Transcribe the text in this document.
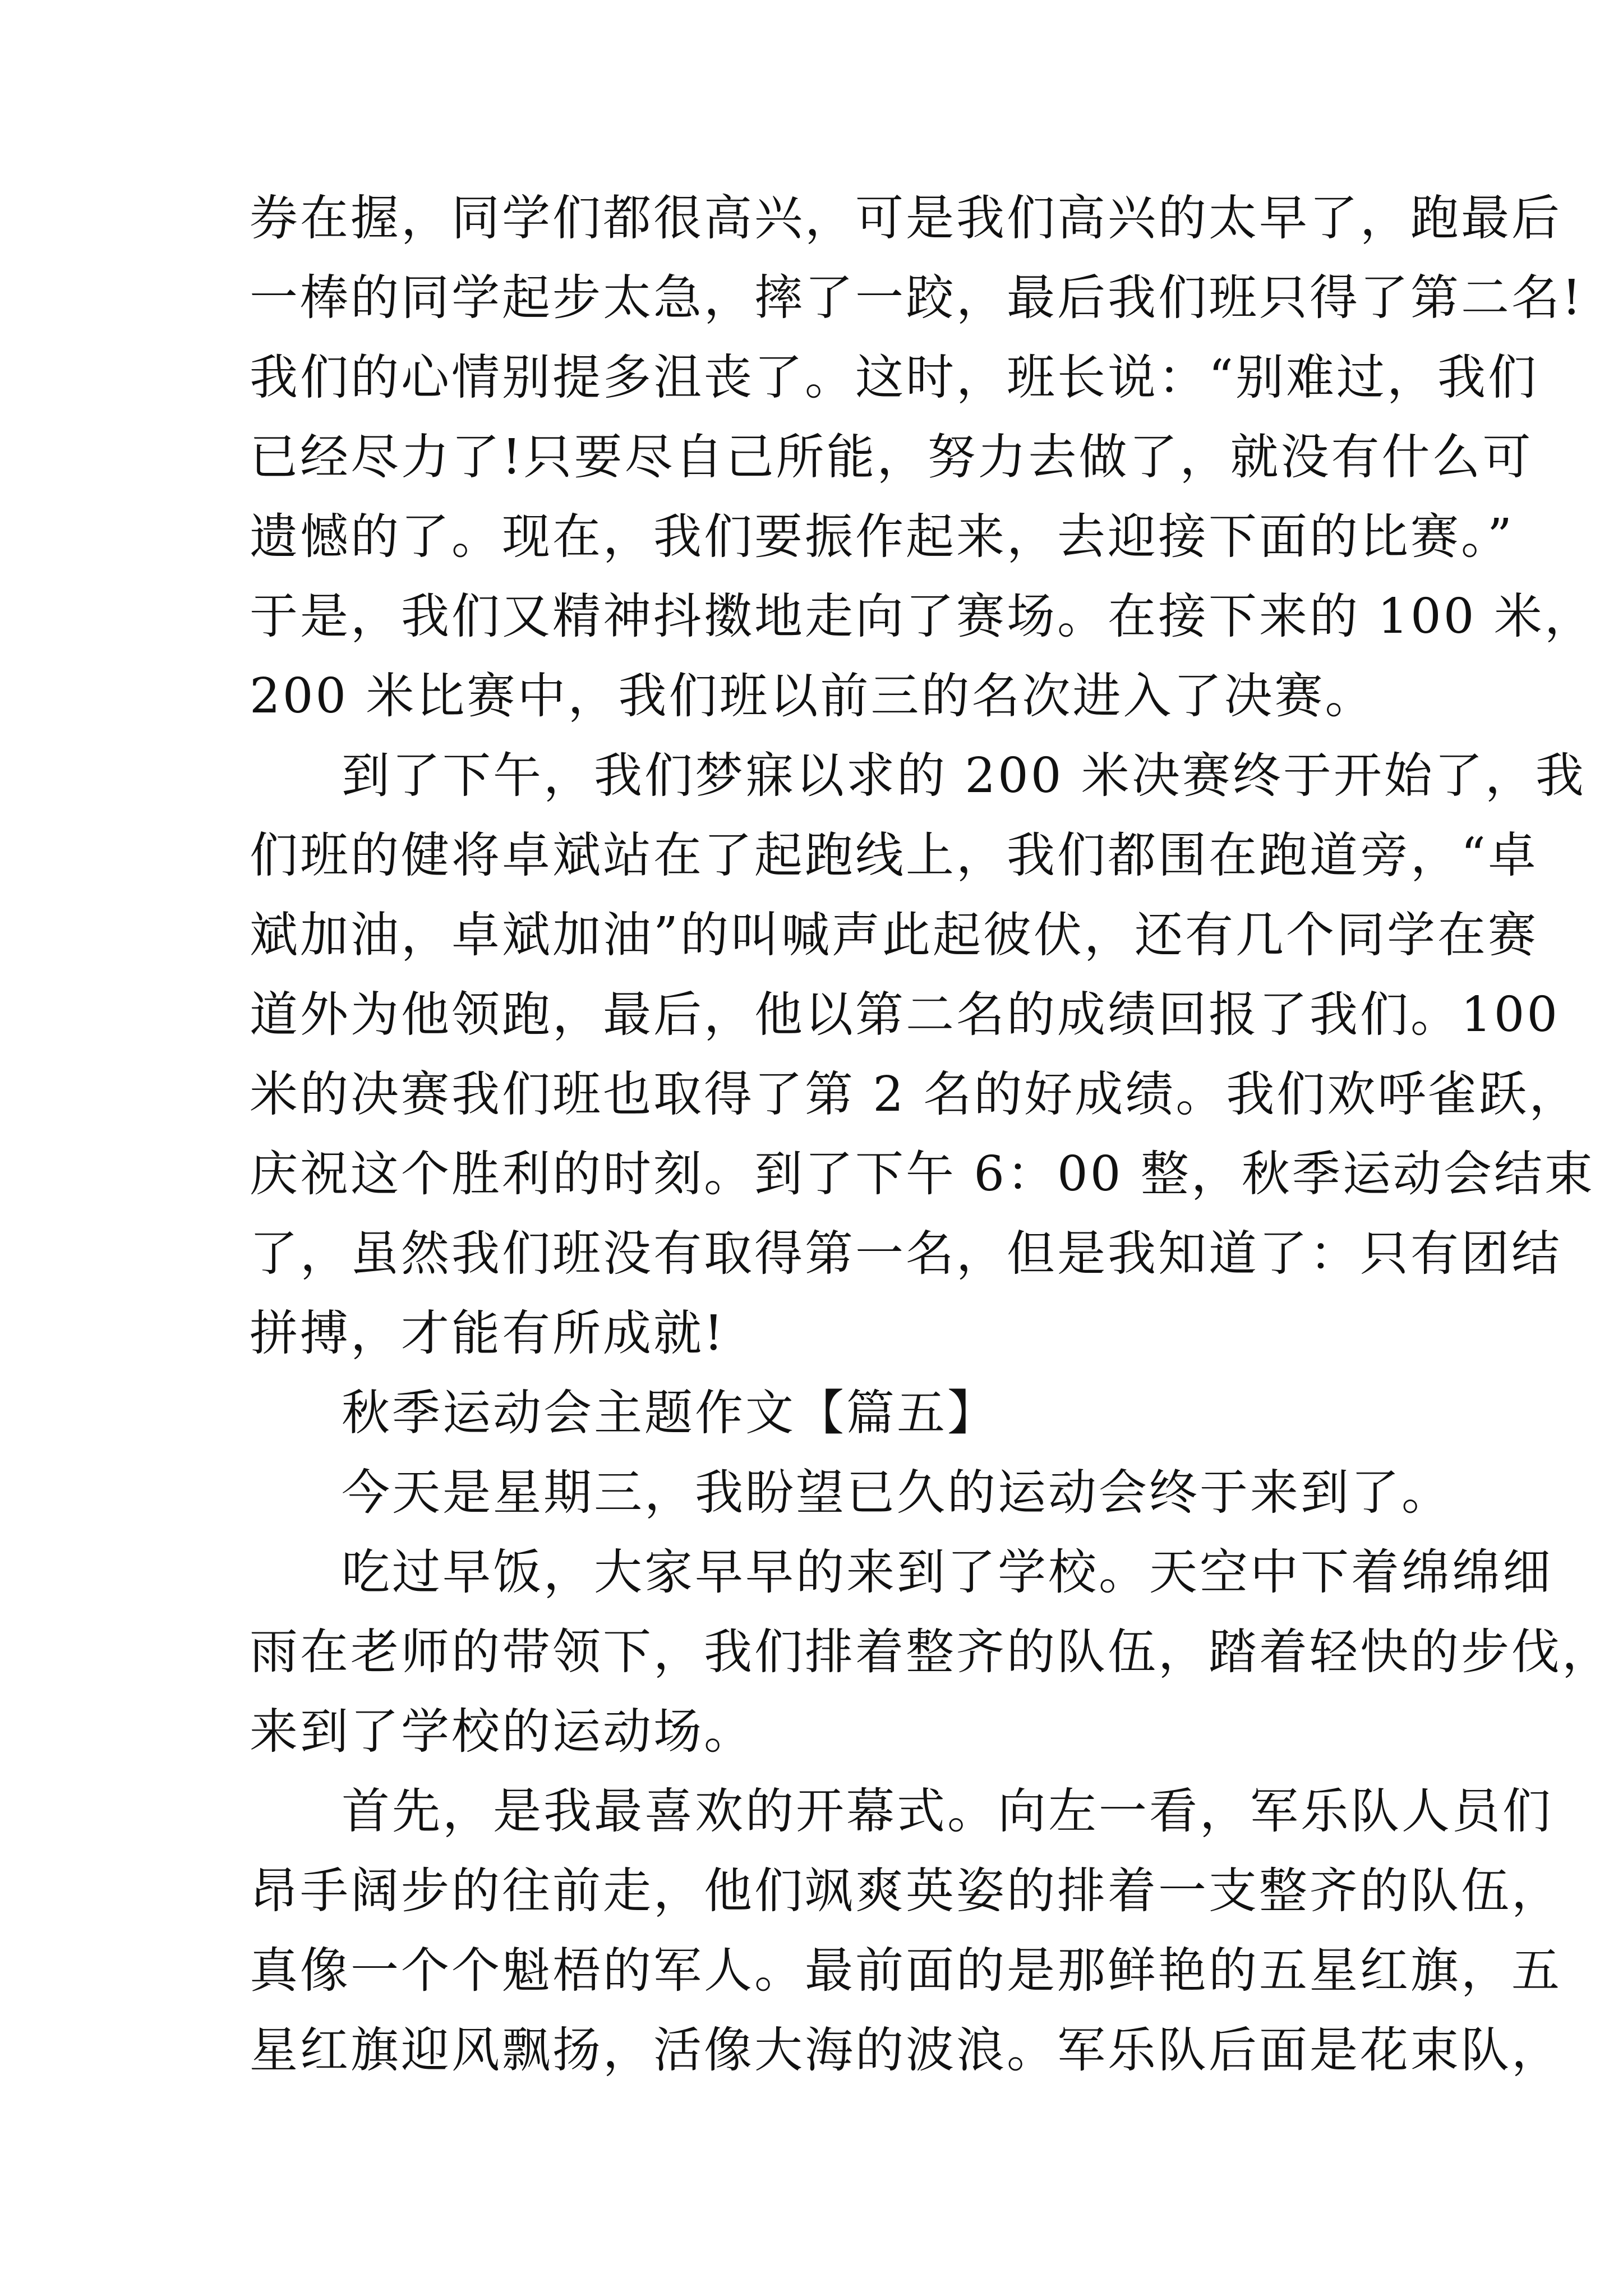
券在握，同学们都很高兴，可是我们高兴的太早了，跑最后
一棒的同学起步太急，摔了一跤，最后我们班只得了第二名!
我们的心情别提多沮丧了。这时，班长说：“别难过，我们
已经尽力了!只要尽自己所能，努力去做了，就没有什么可
遗憾的了。现在，我们要振作起来，去迎接下面的比赛。”
于是，我们又精神抖擞地走向了赛场。在接下来的 100 米，
200 米比赛中，我们班以前三的名次进入了决赛。
到了下午，我们梦寐以求的 200 米决赛终于开始了，我
们班的健将卓斌站在了起跑线上，我们都围在跑道旁，“卓
斌加油，卓斌加油”的叫喊声此起彼伏，还有几个同学在赛
道外为他领跑，最后，他以第二名的成绩回报了我们。100
米的决赛我们班也取得了第 2 名的好成绩。我们欢呼雀跃，
庆祝这个胜利的时刻。到了下午 6：00 整，秋季运动会结束
了，虽然我们班没有取得第一名，但是我知道了：只有团结
拼搏，才能有所成就!
秋季运动会主题作文【篇五】
今天是星期三，我盼望已久的运动会终于来到了。
吃过早饭，大家早早的来到了学校。天空中下着绵绵细
雨在老师的带领下，我们排着整齐的队伍，踏着轻快的步伐，
来到了学校的运动场。
首先，是我最喜欢的开幕式。向左一看，军乐队人员们
昂手阔步的往前走，他们飒爽英姿的排着一支整齐的队伍，
真像一个个魁梧的军人。最前面的是那鲜艳的五星红旗，五
星红旗迎风飘扬，活像大海的波浪。军乐队后面是花束队，
